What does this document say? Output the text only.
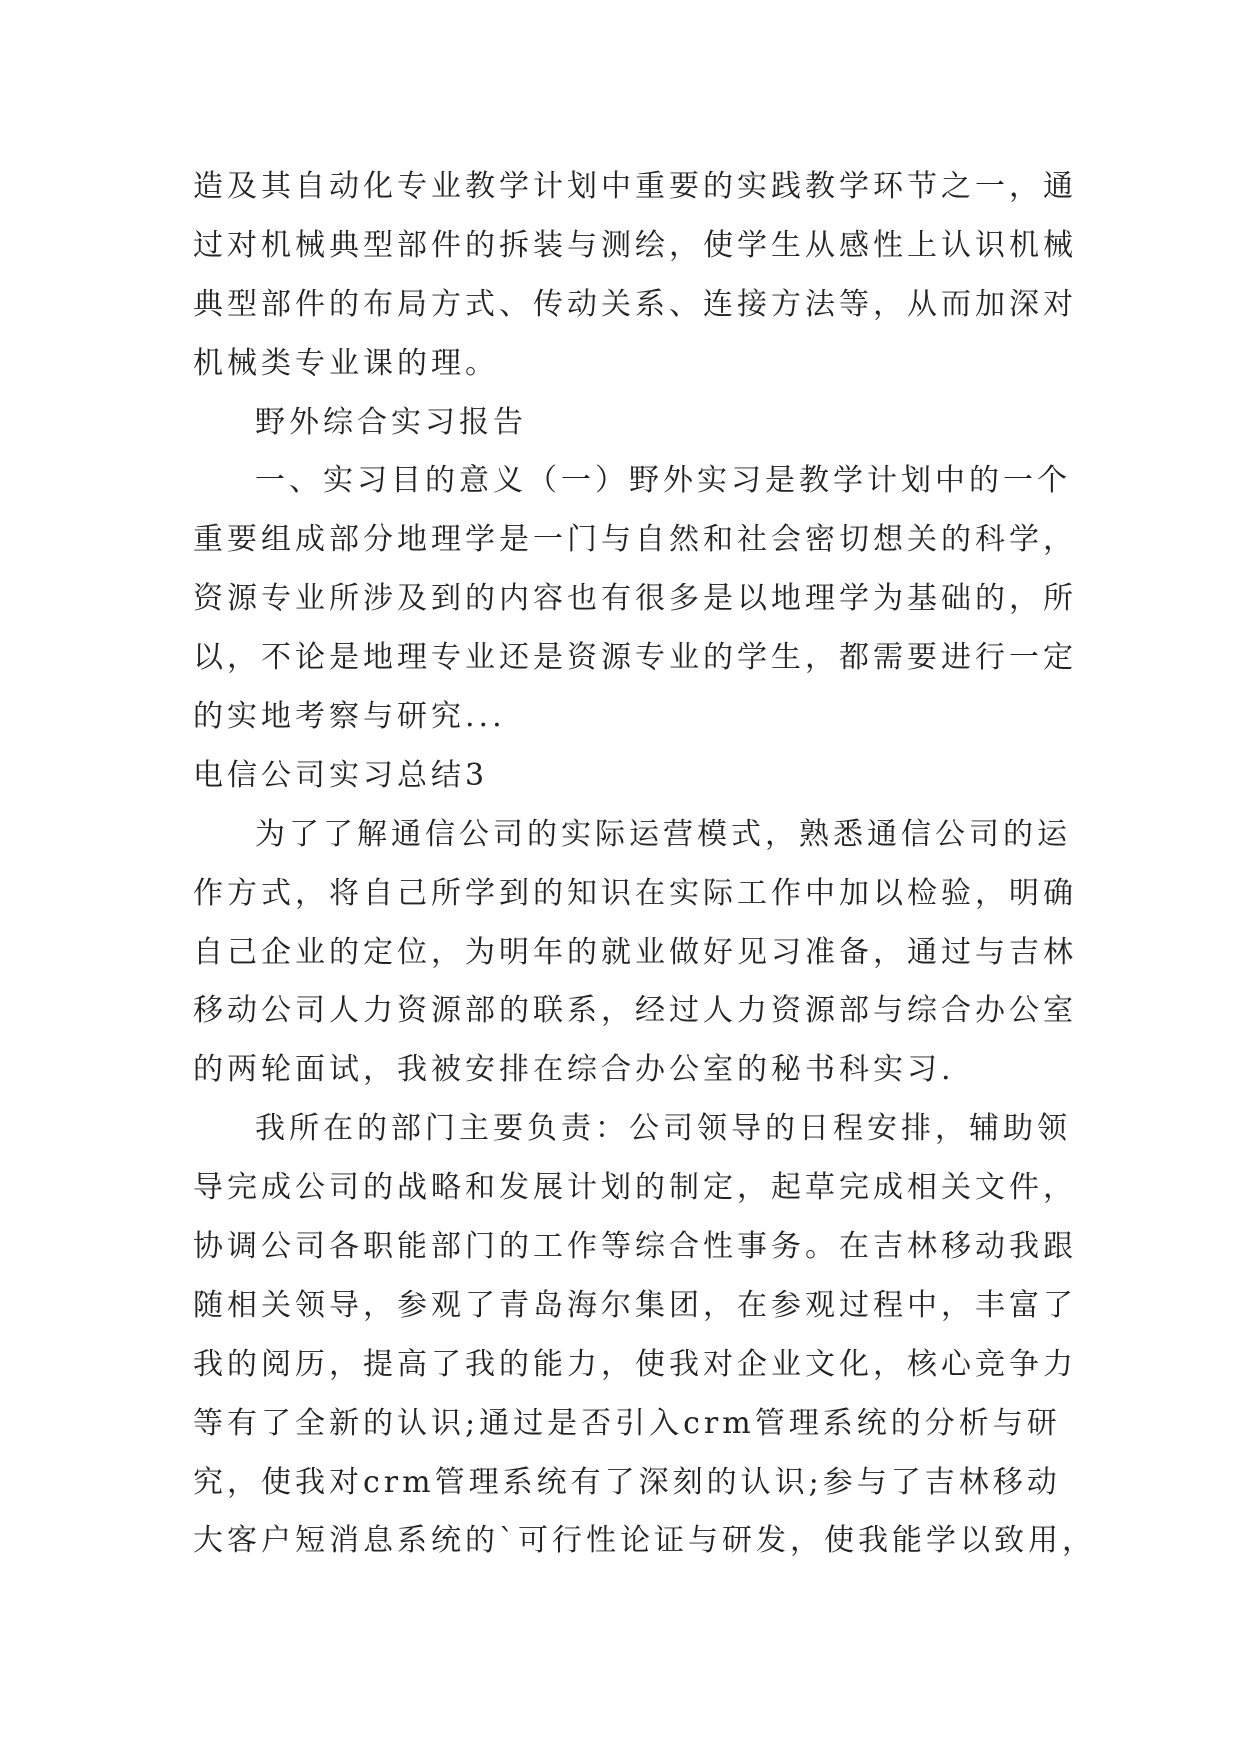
造及其自动化专业教学计划中重要的实践教学环节之一，通
过对机械典型部件的拆装与测绘，使学生从感性上认识机械
典型部件的布局方式、传动关系、连接方法等，从而加深对
机械类专业课的理。
野外综合实习报告
一、实习目的意义（一）野外实习是教学计划中的一个
重要组成部分地理学是一门与自然和社会密切想关的科学，
资源专业所涉及到的内容也有很多是以地理学为基础的，所
以，不论是地理专业还是资源专业的学生，都需要进行一定
的实地考察与研究...
电信公司实习总结3
为了了解通信公司的实际运营模式，熟悉通信公司的运
作方式，将自己所学到的知识在实际工作中加以检验，明确
自己企业的定位，为明年的就业做好见习准备，通过与吉林
移动公司人力资源部的联系，经过人力资源部与综合办公室
的两轮面试，我被安排在综合办公室的秘书科实习.
我所在的部门主要负责：公司领导的日程安排，辅助领
导完成公司的战略和发展计划的制定，起草完成相关文件，
协调公司各职能部门的工作等综合性事务。在吉林移动我跟
随相关领导，参观了青岛海尔集团，在参观过程中，丰富了
我的阅历，提高了我的能力，使我对企业文化，核心竞争力
等有了全新的认识;通过是否引入crm管理系统的分析与研
究，使我对crm管理系统有了深刻的认识;参与了吉林移动
大客户短消息系统的`可行性论证与研发，使我能学以致用，
